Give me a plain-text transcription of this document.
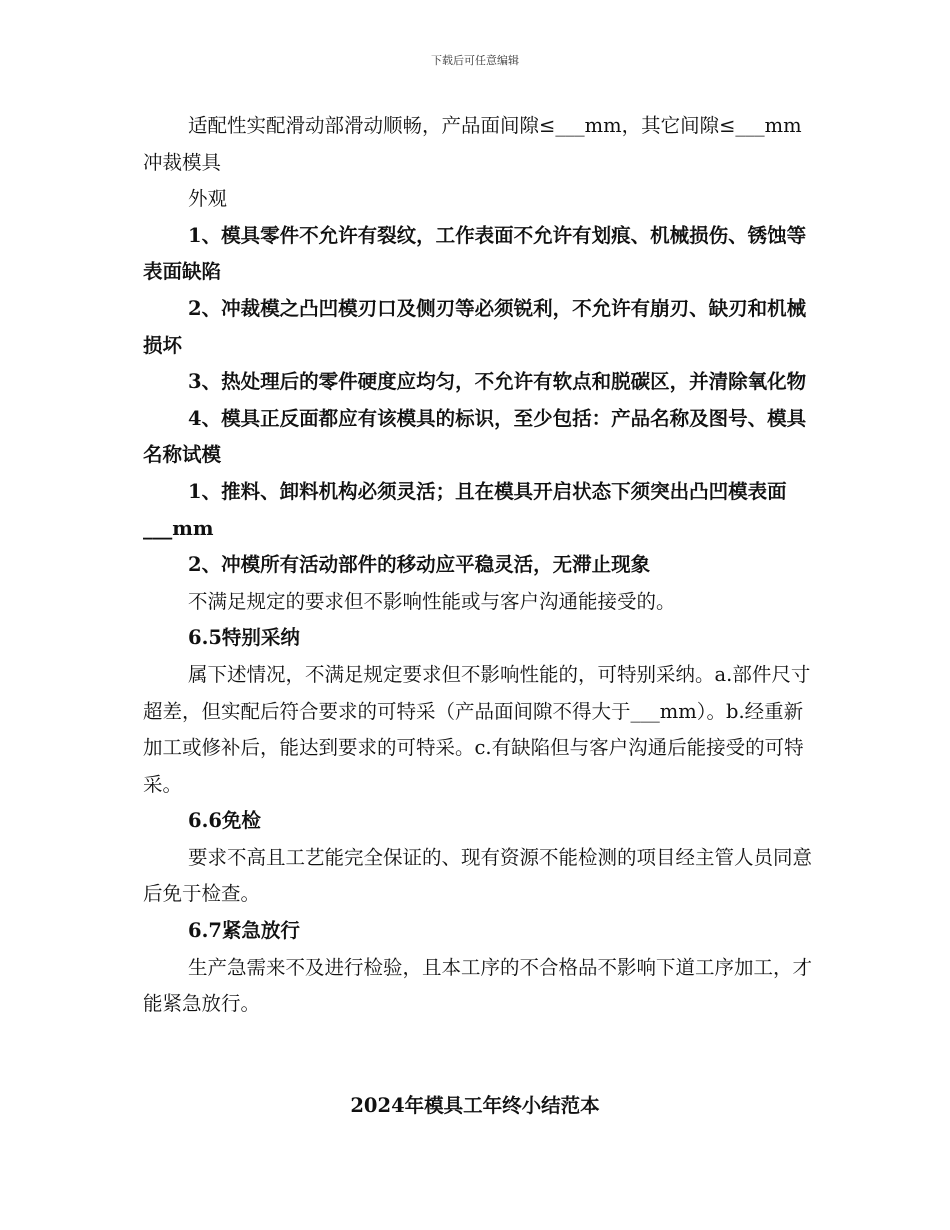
下载后可任意编辑

适配性实配滑动部滑动顺畅，产品面间隙≤___mm，其它间隙≤___mm冲裁模具

外观

1、模具零件不允许有裂纹，工作表面不允许有划痕、机械损伤、锈蚀等表面缺陷

2、冲裁模之凸凹模刃口及侧刃等必须锐利，不允许有崩刃、缺刃和机械损坏

3、热处理后的零件硬度应均匀，不允许有软点和脱碳区，并清除氧化物

4、模具正反面都应有该模具的标识，至少包括：产品名称及图号、模具名称试模

1、推料、卸料机构必须灵活；且在模具开启状态下须突出凸凹模表面___mm

2、冲模所有活动部件的移动应平稳灵活，无滞止现象

不满足规定的要求但不影响性能或与客户沟通能接受的。

6.5特别采纳

属下述情况，不满足规定要求但不影响性能的，可特别采纳。a.部件尺寸超差，但实配后符合要求的可特采（产品面间隙不得大于___mm）。b.经重新加工或修补后，能达到要求的可特采。c.有缺陷但与客户沟通后能接受的可特采。

6.6免检

要求不高且工艺能完全保证的、现有资源不能检测的项目经主管人员同意后免于检查。

6.7紧急放行

生产急需来不及进行检验，且本工序的不合格品不影响下道工序加工，才能紧急放行。

2024年模具工年终小结范本
